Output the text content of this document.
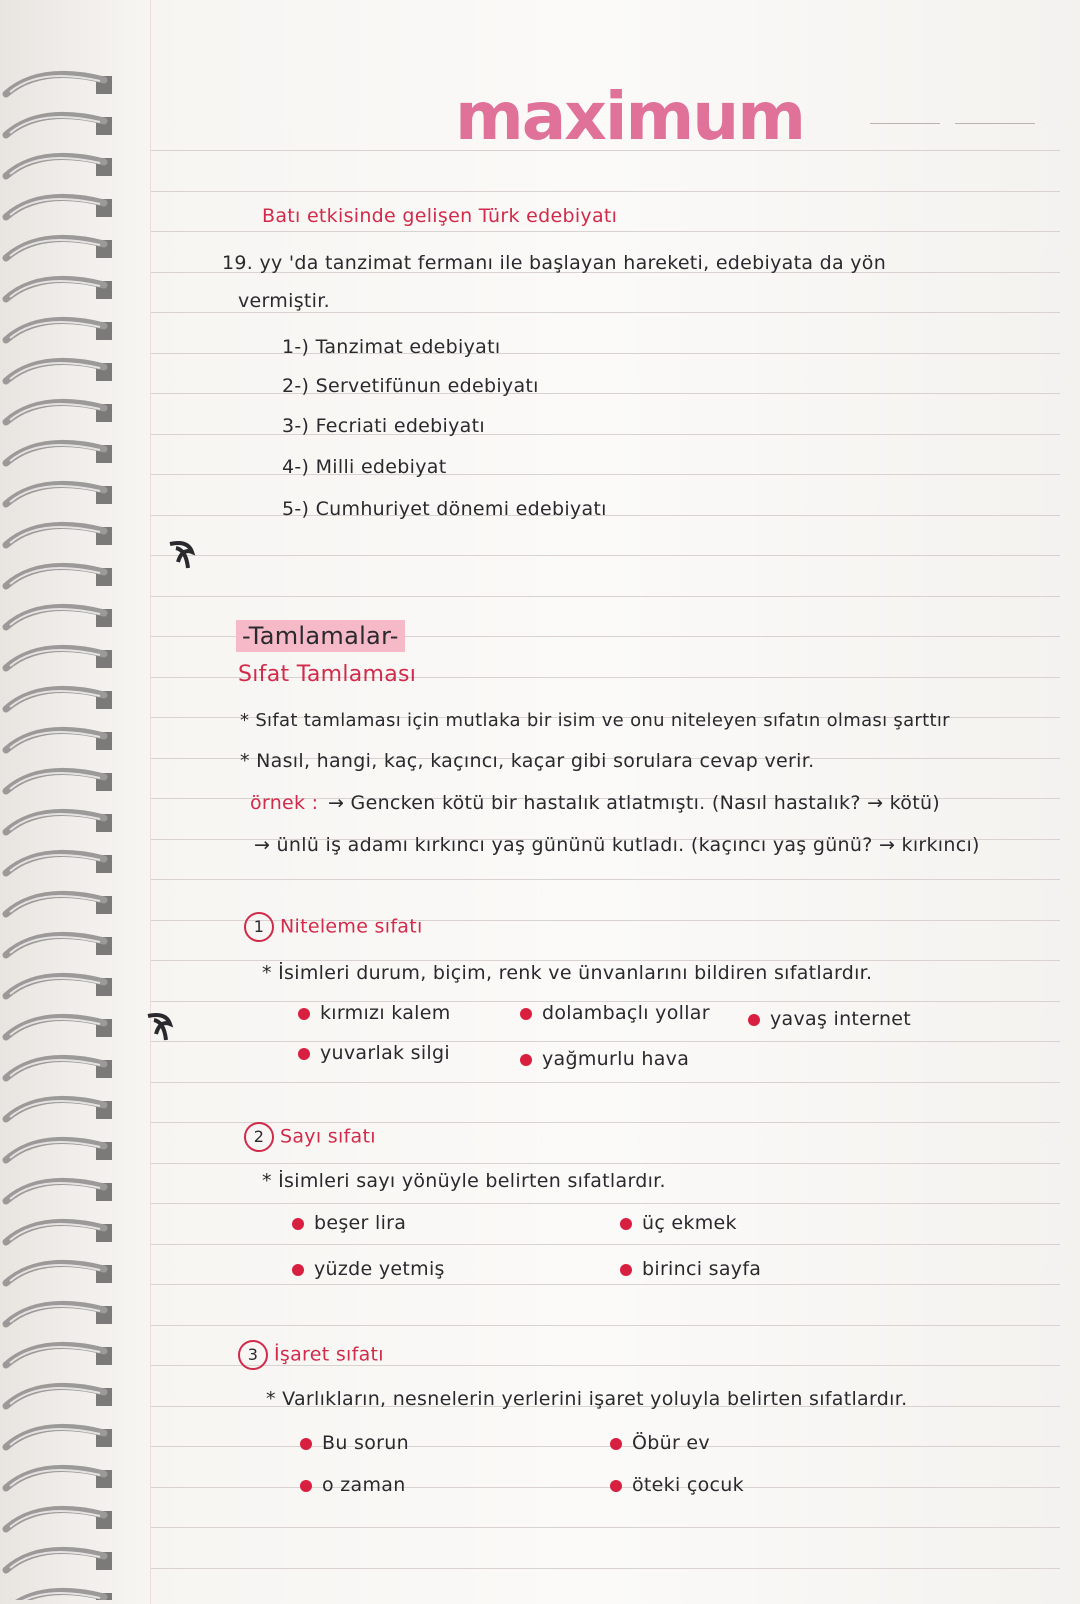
maximum
Batı etkisinde gelişen Türk edebiyatı
19. yy 'da tanzimat fermanı ile başlayan hareketi, edebiyata da yön
vermiştir.
1-) Tanzimat edebiyatı
2-) Servetifünun edebiyatı
3-) Fecriati edebiyatı
4-) Milli edebiyat
5-) Cumhuriyet dönemi edebiyatı
-Tamlamalar-
Sıfat Tamlaması
* Sıfat tamlaması için mutlaka bir isim ve onu niteleyen sıfatın olması şarttır
* Nasıl, hangi, kaç, kaçıncı, kaçar gibi sorulara cevap verir.
örnek : → Gencken kötü bir hastalık atlatmıştı. (Nasıl hastalık? → kötü)
→ ünlü iş adamı kırkıncı yaş gününü kutladı. (kaçıncı yaş günü? → kırkıncı)
1 Niteleme sıfatı
* İsimleri durum, biçim, renk ve ünvanlarını bildiren sıfatlardır.
kırmızı kalem	dolambaçlı yollar	yavaş internet
yuvarlak silgi	yağmurlu hava
2 Sayı sıfatı
* İsimleri sayı yönüyle belirten sıfatlardır.
beşer lira	üç ekmek
yüzde yetmiş	birinci sayfa
3 İşaret sıfatı
* Varlıkların, nesnelerin yerlerini işaret yoluyla belirten sıfatlardır.
Bu sorun	Öbür ev
o zaman	öteki çocuk
